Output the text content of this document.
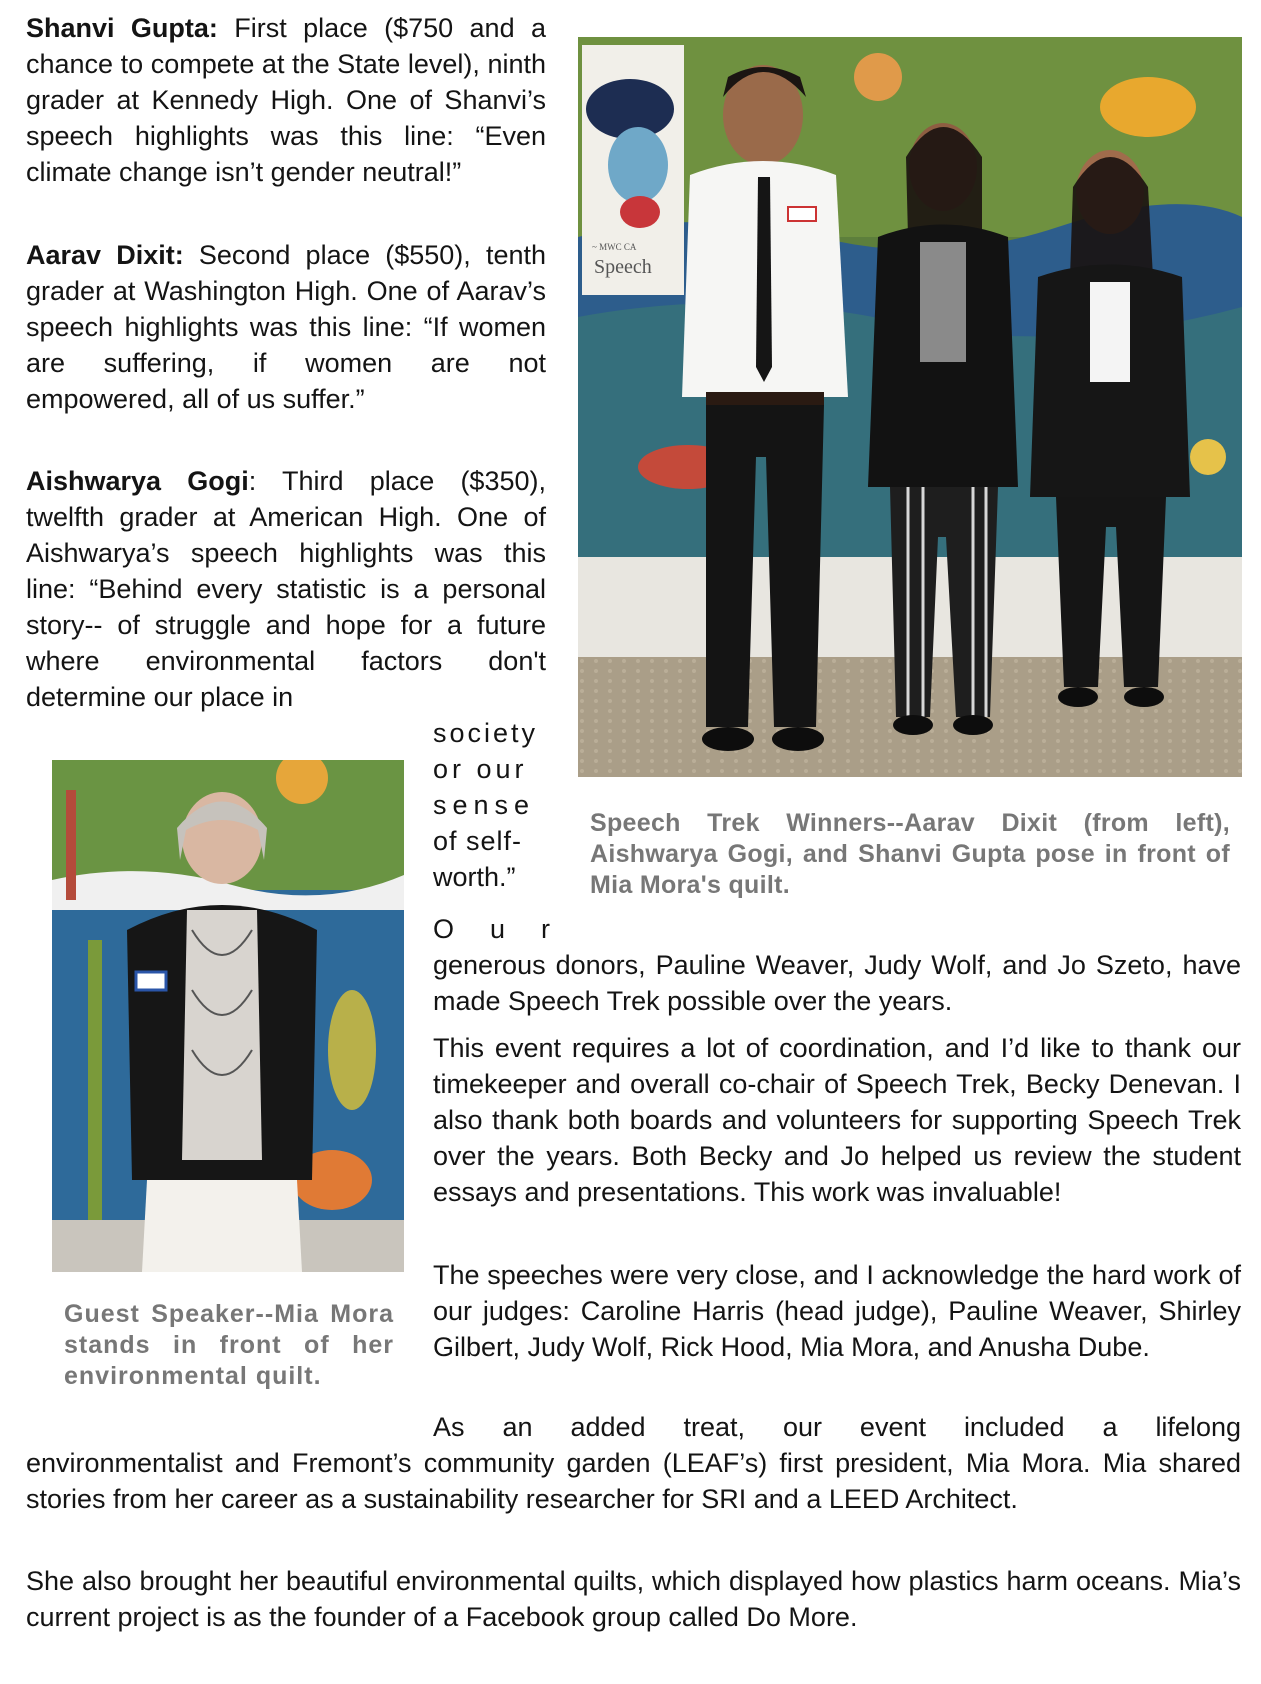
Shanvi Gupta: First place ($750 and a chance to compete at the State level), ninth grader at Kennedy High. One of Shanvi’s speech highlights was this line: “Even climate change isn’t gender neutral!”
Aarav Dixit: Second place ($550), tenth grader at Washington High. One of Aarav’s speech highlights was this line: “If women are suffering, if women are not empowered, all of us suffer.”
Aishwarya Gogi: Third place ($350), twelfth grader at American High. One of Aishwarya’s speech highlights was this line: “Behind every statistic is a personal story-- of struggle and hope for a future where environmental factors don't determine our place in
society
or our
sense
of self-
worth.”
~ MWC CA
Speech
Speech Trek Winners--Aarav Dixit (from left), Aishwarya Gogi, and Shanvi Gupta pose in front of Mia Mora's quilt.
Guest Speaker--Mia Mora stands in front of her environmental quilt.
Our
generous donors, Pauline Weaver, Judy Wolf, and Jo Szeto, have made Speech Trek possible over the years.
This event requires a lot of coordination, and I’d like to thank our timekeeper and overall co-chair of Speech Trek, Becky Denevan. I also thank both boards and volunteers for supporting Speech Trek over the years. Both Becky and Jo helped us review the student essays and presentations. This work was invaluable!
The speeches were very close, and I acknowledge the hard work of our judges: Caroline Harris (head judge), Pauline Weaver, Shirley Gilbert, Judy Wolf, Rick Hood, Mia Mora, and Anusha Dube.
As an added treat, our event included a lifelong
environmentalist and Fremont’s community garden (LEAF’s) first president, Mia Mora. Mia shared stories from her career as a sustainability researcher for SRI and a LEED Architect.
She also brought her beautiful environmental quilts, which displayed how plastics harm oceans. Mia’s current project is as the founder of a Facebook group called Do More.
